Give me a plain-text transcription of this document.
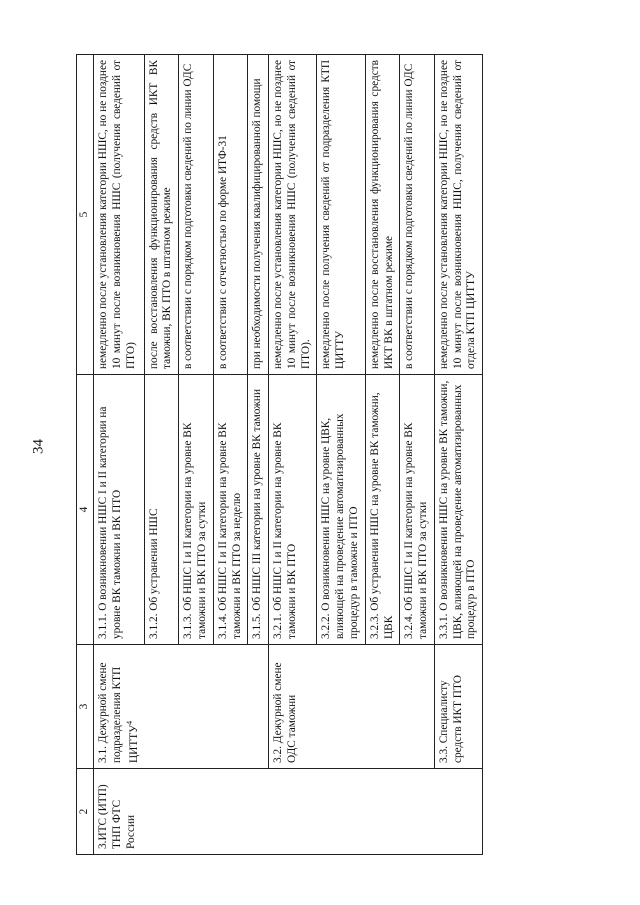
34
2	3	4	5
3.ИТС (ИТП) ТНП ФТС России	3.1. Дежурной смене подразделения КТП ЦИТТУ$^4$	3.1.1. О возникновении НШС I и II категории на уровне ВК таможни и ВК ПТО	немедленно после установления категории НШС, но не позднее 10 минут после возникновения НШС (получения сведений от ПТО)
		3.1.2. Об устранении НШС	после восстановления функционирования средств ИКТ ВК таможни, ВК ПТО в штатном режиме
		3.1.3. Об НШС I и II категории на уровне ВК таможни и ВК ПТО за сутки	в соответствии с порядком подготовки сведений по линии ОДС
		3.1.4. Об НШС I и II категории на уровне ВК таможни и ВК ПТО за неделю	в соответствии с отчетностью по форме ИТФ-31
		3.1.5. Об НШС III категории на уровне ВК таможни	при необходимости получения квалифицированной помощи
	3.2. Дежурной смене ОДС таможни	3.2.1. Об НШС I и II категории на уровне ВК таможни и ВК ПТО	немедленно после установления категории НШС, но не позднее 10 минут после возникновения НШС (получения сведений от ПТО).
		3.2.2. О возникновении НШС на уровне ЦВК, влияющей на проведение автоматизированных процедур в таможне и ПТО	немедленно после получения сведений от подразделения КТП ЦИТТУ
		3.2.3. Об устранении НШС на уровне ВК таможни, ЦВК	немедленно после восстановления функционирования средств ИКТ ВК в штатном режиме
		3.2.4. Об НШС I и II категории на уровне ВК таможни и ВК ПТО за сутки	в соответствии с порядком подготовки сведений по линии ОДС
	3.3. Специалисту средств ИКТ ПТО	3.3.1. О возникновении НШС на уровне ВК таможни, ЦВК, влияющей на проведение автоматизированных процедур в ПТО	немедленно после установления категории НШС, но не позднее 10 минут после возникновения НШС, получения сведений от отдела КТП ЦИТТУ
